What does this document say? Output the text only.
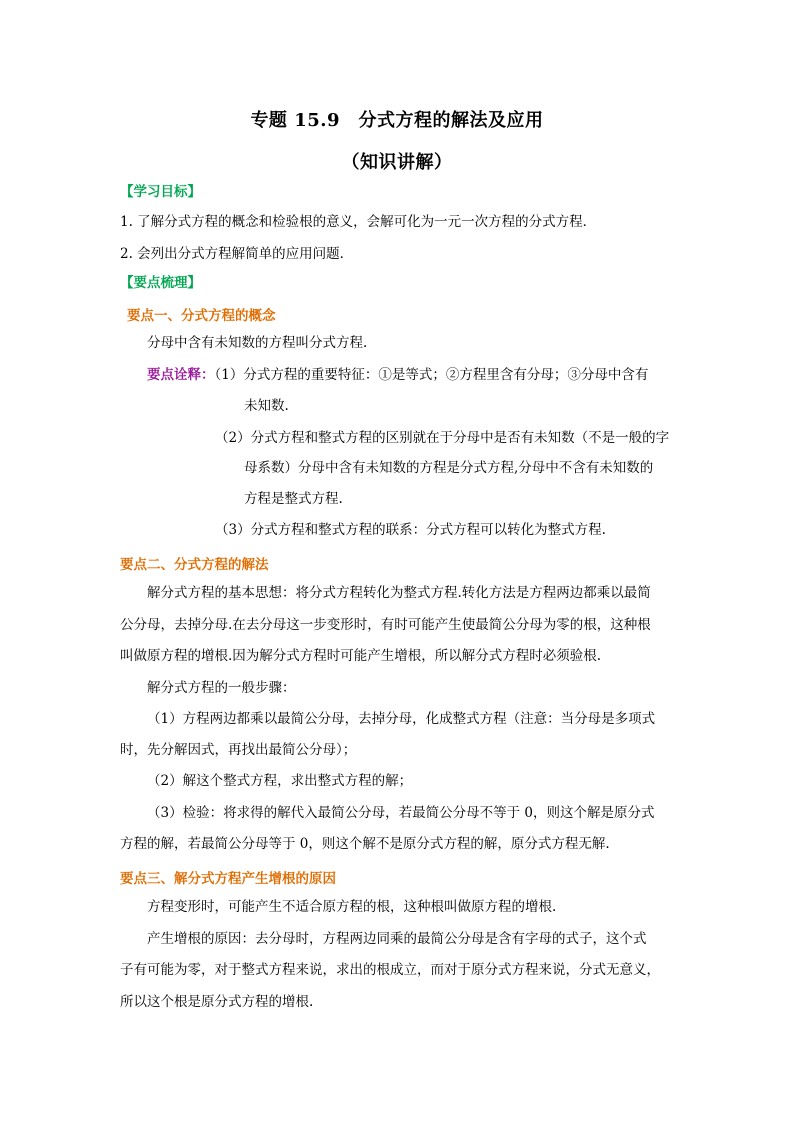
专题 15.9　分式方程的解法及应用
（知识讲解）
【学习目标】
1. 了解分式方程的概念和检验根的意义，会解可化为一元一次方程的分式方程．
2. 会列出分式方程解简单的应用问题．
【要点梳理】
要点一、分式方程的概念
分母中含有未知数的方程叫分式方程.
要点诠释：（1）分式方程的重要特征：①是等式；②方程里含有分母；③分母中含有
未知数.
（2）分式方程和整式方程的区别就在于分母中是否有未知数（不是一般的字
母系数）分母中含有未知数的方程是分式方程,分母中不含有未知数的
方程是整式方程.
（3）分式方程和整式方程的联系：分式方程可以转化为整式方程.
要点二、分式方程的解法
解分式方程的基本思想：将分式方程转化为整式方程.转化方法是方程两边都乘以最简
公分母，去掉分母.在去分母这一步变形时，有时可能产生使最简公分母为零的根，这种根
叫做原方程的增根.因为解分式方程时可能产生增根，所以解分式方程时必须验根.
解分式方程的一般步骤：
（1）方程两边都乘以最简公分母，去掉分母，化成整式方程（注意：当分母是多项式
时，先分解因式，再找出最简公分母）；
（2）解这个整式方程，求出整式方程的解；
（3）检验：将求得的解代入最简公分母，若最简公分母不等于 0，则这个解是原分式
方程的解，若最简公分母等于 0，则这个解不是原分式方程的解，原分式方程无解.
要点三、解分式方程产生增根的原因
方程变形时，可能产生不适合原方程的根，这种根叫做原方程的增根.
产生增根的原因：去分母时，方程两边同乘的最简公分母是含有字母的式子，这个式
子有可能为零，对于整式方程来说，求出的根成立，而对于原分式方程来说，分式无意义，
所以这个根是原分式方程的增根.
